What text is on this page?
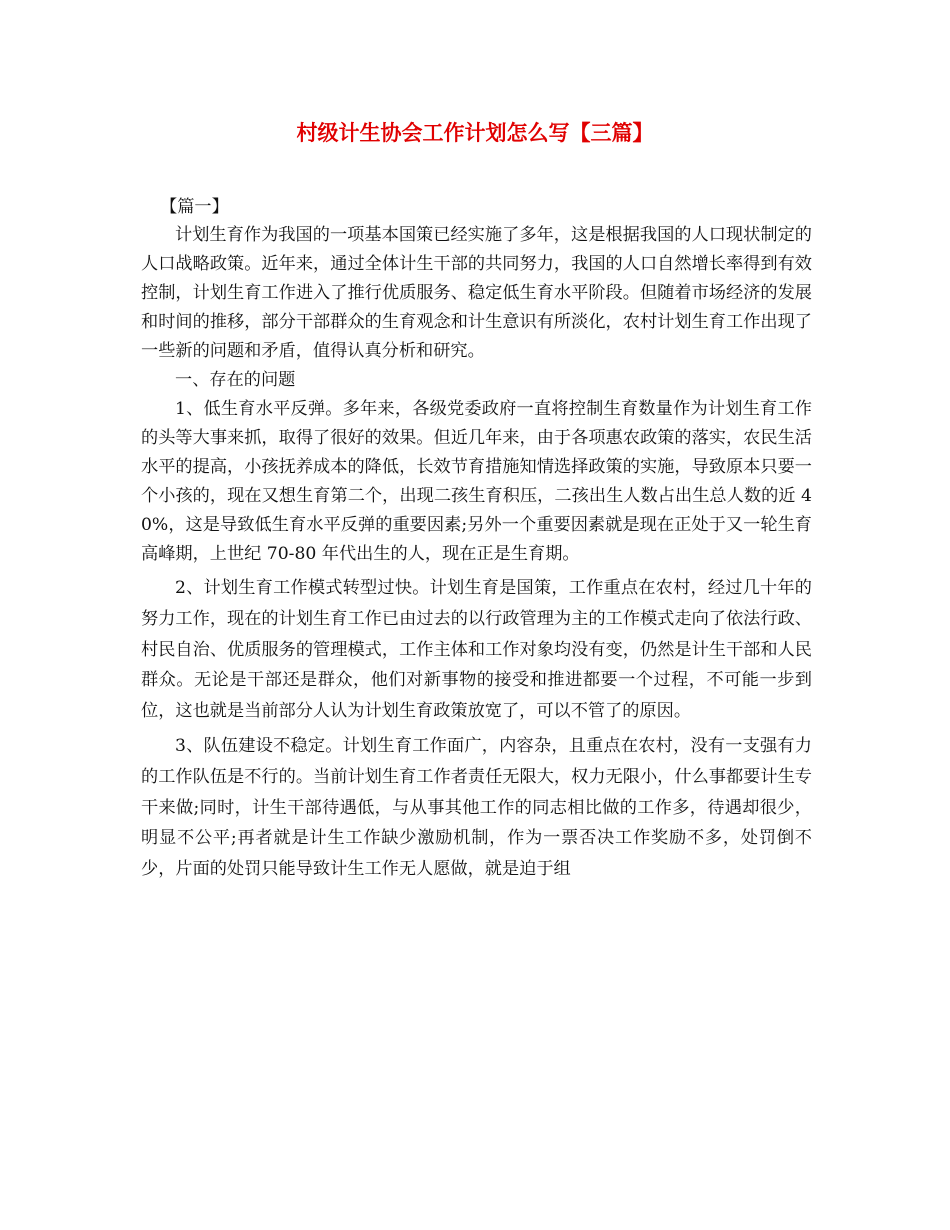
村级计生协会工作计划怎么写【三篇】

【篇一】

计划生育作为我国的一项基本国策已经实施了多年，这是根据我国的人口现状制定的人口战略政策。近年来，通过全体计生干部的共同努力，我国的人口自然增长率得到有效控制，计划生育工作进入了推行优质服务、稳定低生育水平阶段。但随着市场经济的发展和时间的推移，部分干部群众的生育观念和计生意识有所淡化，农村计划生育工作出现了一些新的问题和矛盾，值得认真分析和研究。

一、存在的问题

1、低生育水平反弹。多年来，各级党委政府一直将控制生育数量作为计划生育工作的头等大事来抓，取得了很好的效果。但近几年来，由于各项惠农政策的落实，农民生活水平的提高，小孩抚养成本的降低，长效节育措施知情选择政策的实施，导致原本只要一个小孩的，现在又想生育第二个，出现二孩生育积压，二孩出生人数占出生总人数的近 40%，这是导致低生育水平反弹的重要因素;另外一个重要因素就是现在正处于又一轮生育高峰期，上世纪 70-80 年代出生的人，现在正是生育期。

2、计划生育工作模式转型过快。计划生育是国策，工作重点在农村，经过几十年的努力工作，现在的计划生育工作已由过去的以行政管理为主的工作模式走向了依法行政、村民自治、优质服务的管理模式，工作主体和工作对象均没有变，仍然是计生干部和人民群众。无论是干部还是群众，他们对新事物的接受和推进都要一个过程，不可能一步到位，这也就是当前部分人认为计划生育政策放宽了，可以不管了的原因。

3、队伍建设不稳定。计划生育工作面广，内容杂，且重点在农村，没有一支强有力的工作队伍是不行的。当前计划生育工作者责任无限大，权力无限小，什么事都要计生专干来做;同时，计生干部待遇低，与从事其他工作的同志相比做的工作多，待遇却很少，明显不公平;再者就是计生工作缺少激励机制，作为一票否决工作奖励不多，处罚倒不少，片面的处罚只能导致计生工作无人愿做，就是迫于组
